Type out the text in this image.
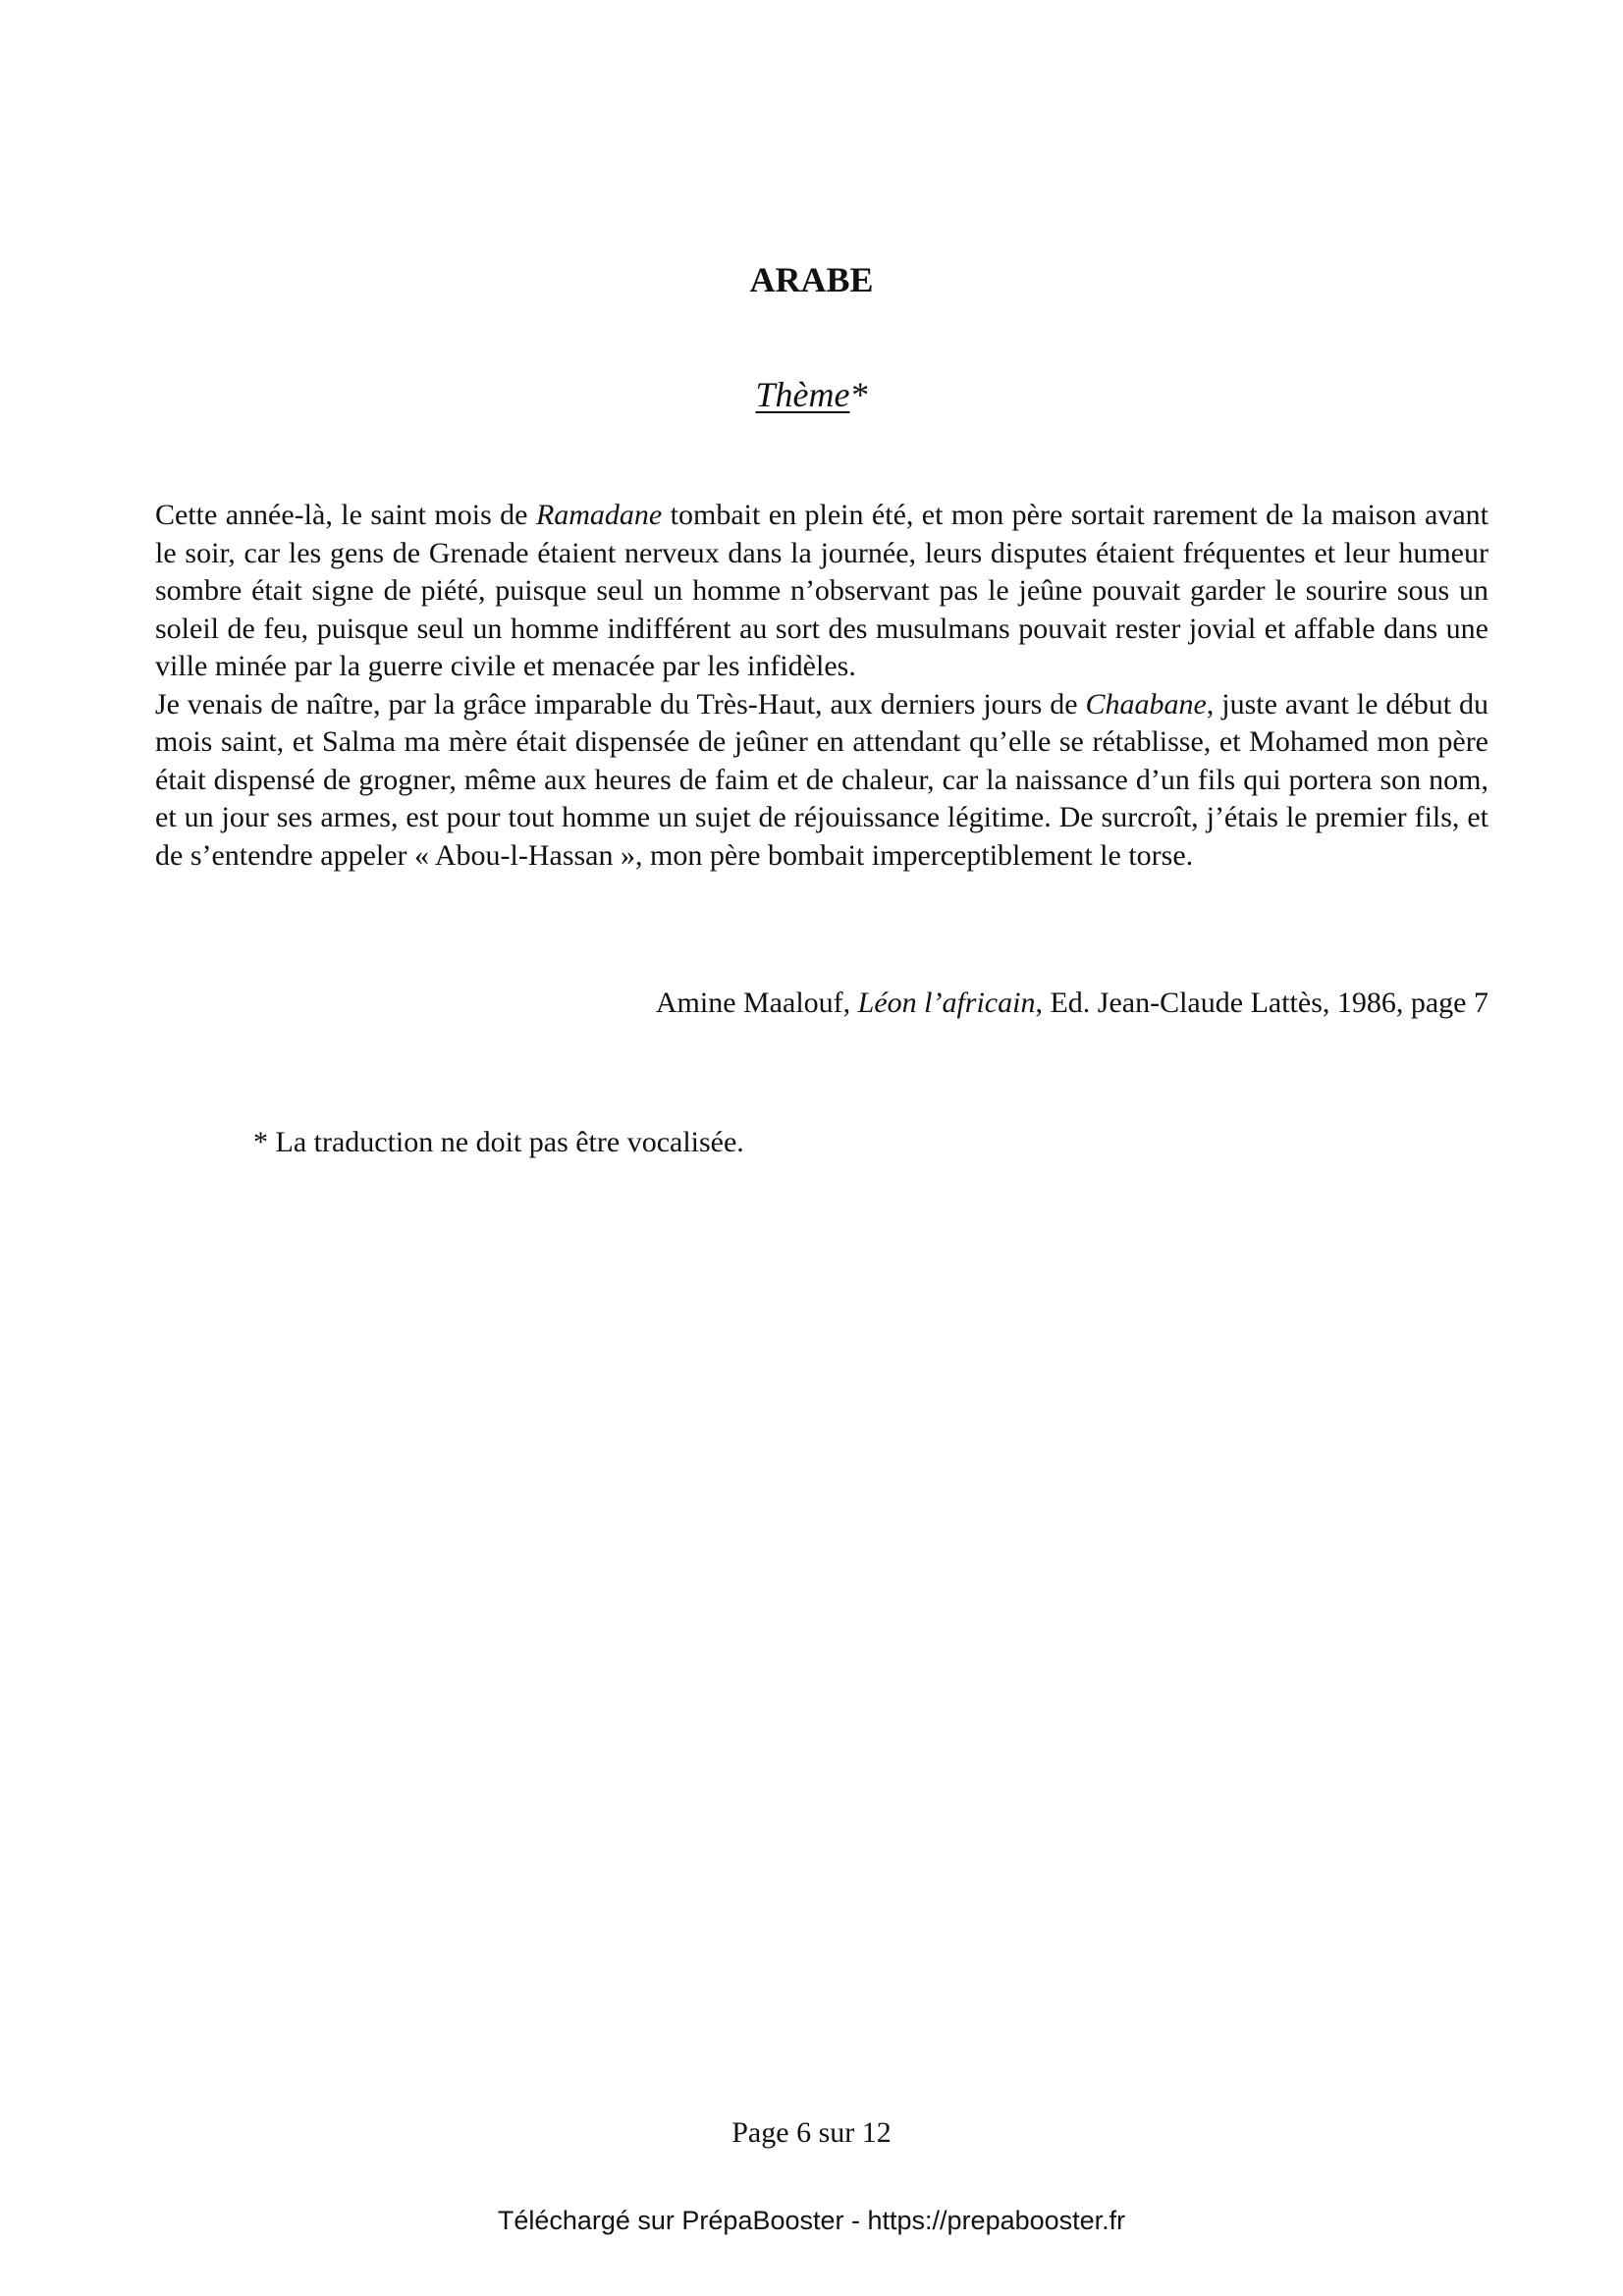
ARABE
Thème*

Cette année-là, le saint mois de Ramadane tombait en plein été, et mon père sortait rarement de la maison avant le soir, car les gens de Grenade étaient nerveux dans la journée, leurs disputes étaient fréquentes et leur humeur sombre était signe de piété, puisque seul un homme n’observant pas le jeûne pouvait garder le sourire sous un soleil de feu, puisque seul un homme indifférent au sort des musulmans pouvait rester jovial et affable dans une ville minée par la guerre civile et menacée par les infidèles.

Je venais de naître, par la grâce imparable du Très-Haut, aux derniers jours de Chaabane, juste avant le début du mois saint, et Salma ma mère était dispensée de jeûner en attendant qu’elle se rétablisse, et Mohamed mon père était dispensé de grogner, même aux heures de faim et de chaleur, car la naissance d’un fils qui portera son nom, et un jour ses armes, est pour tout homme un sujet de réjouissance légitime. De surcroît, j’étais le premier fils, et de s’entendre appeler « Abou-l-Hassan », mon père bombait imperceptiblement le torse.

Amine Maalouf, Léon l’africain, Ed. Jean-Claude Lattès, 1986, page 7
* La traduction ne doit pas être vocalisée.
Page 6 sur 12
Téléchargé sur PrépaBooster - https://prepabooster.fr
